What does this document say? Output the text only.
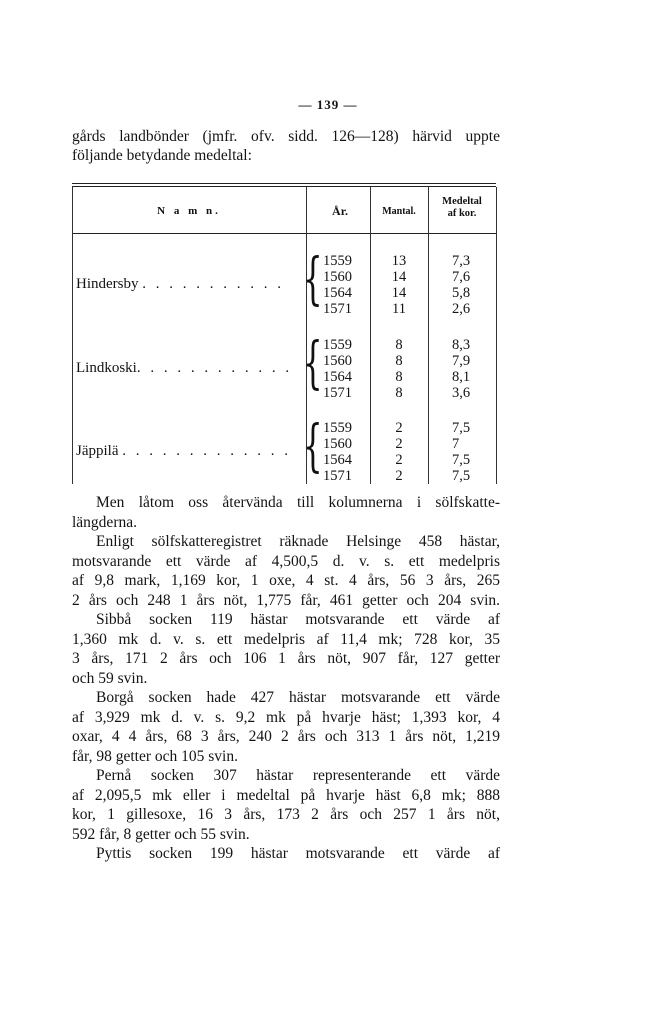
— 139 —
gårds landbönder (jmfr. ofv. sidd. 126—128) härvid uppte
följande betydande medeltal:
N a m n.	År.	Mantal.
Medeltal
af kor.
Hindersby . . . . . . . . . . . { 1559
1560
1564
1571
13
14
14
11
7,3
7,6
5,8
2,6
Lindkoski. . . . . . . . . . . . { 1559
1560
1564
1571
8
8
8
8
8,3
7,9
8,1
3,6
Jäppilä . . . . . . . . . . . . . { 1559
1560
1564
1571
2
2
2
2
7,5
7
7,5
7,5
Men låtom oss återvända till kolumnerna i sölfskatte-
längderna.
Enligt sölfskatteregistret räknade Helsinge 458 hästar,
motsvarande ett värde af 4,500,5 d. v. s. ett medelpris
af 9,8 mark, 1,169 kor, 1 oxe, 4 st. 4 års, 56 3 års, 265
2 års och 248 1 års nöt, 1,775 får, 461 getter och 204 svin.
Sibbå socken 119 hästar motsvarande ett värde af
1,360 mk d. v. s. ett medelpris af 11,4 mk; 728 kor, 35
3 års, 171 2 års och 106 1 års nöt, 907 får, 127 getter
och 59 svin.
Borgå socken hade 427 hästar motsvarande ett värde
af 3,929 mk d. v. s. 9,2 mk på hvarje häst; 1,393 kor, 4
oxar, 4 4 års, 68 3 års, 240 2 års och 313 1 års nöt, 1,219
får, 98 getter och 105 svin.
Pernå socken 307 hästar representerande ett värde
af 2,095,5 mk eller i medeltal på hvarje häst 6,8 mk; 888
kor, 1 gillesoxe, 16 3 års, 173 2 års och 257 1 års nöt,
592 får, 8 getter och 55 svin.
Pyttis socken 199 hästar motsvarande ett värde af
